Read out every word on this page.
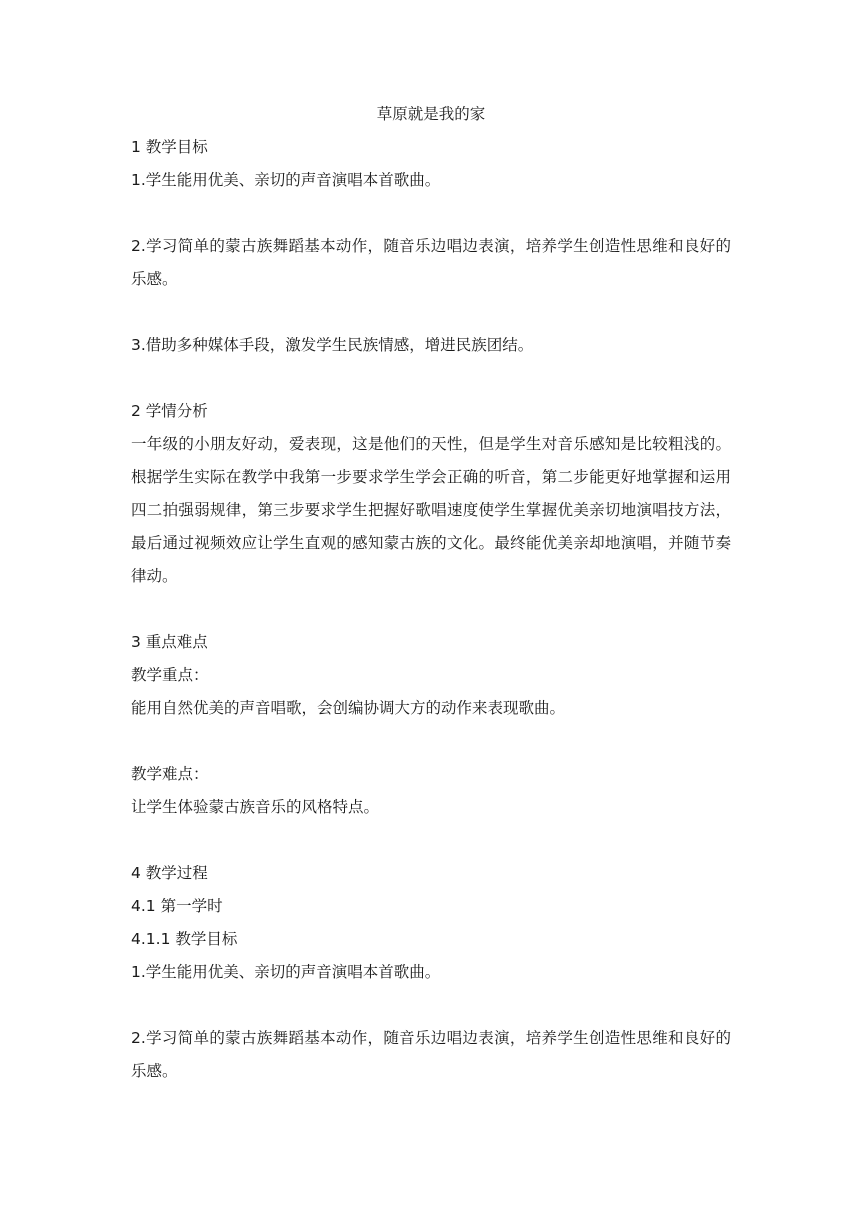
草原就是我的家
1 教学目标
1.学生能用优美、亲切的声音演唱本首歌曲。
2.学习简单的蒙古族舞蹈基本动作，随音乐边唱边表演，培养学生创造性思维和良好的乐感。
3.借助多种媒体手段，激发学生民族情感，增进民族团结。
2 学情分析
一年级的小朋友好动，爱表现，这是他们的天性，但是学生对音乐感知是比较粗浅的。根据学生实际在教学中我第一步要求学生学会正确的听音，第二步能更好地掌握和运用四二拍强弱规律，第三步要求学生把握好歌唱速度使学生掌握优美亲切地演唱技方法，最后通过视频效应让学生直观的感知蒙古族的文化。最终能优美亲却地演唱，并随节奏律动。
3 重点难点
教学重点：
能用自然优美的声音唱歌，会创编协调大方的动作来表现歌曲。
教学难点：
让学生体验蒙古族音乐的风格特点。
4 教学过程
4.1 第一学时
4.1.1 教学目标
1.学生能用优美、亲切的声音演唱本首歌曲。
2.学习简单的蒙古族舞蹈基本动作，随音乐边唱边表演，培养学生创造性思维和良好的乐感。
